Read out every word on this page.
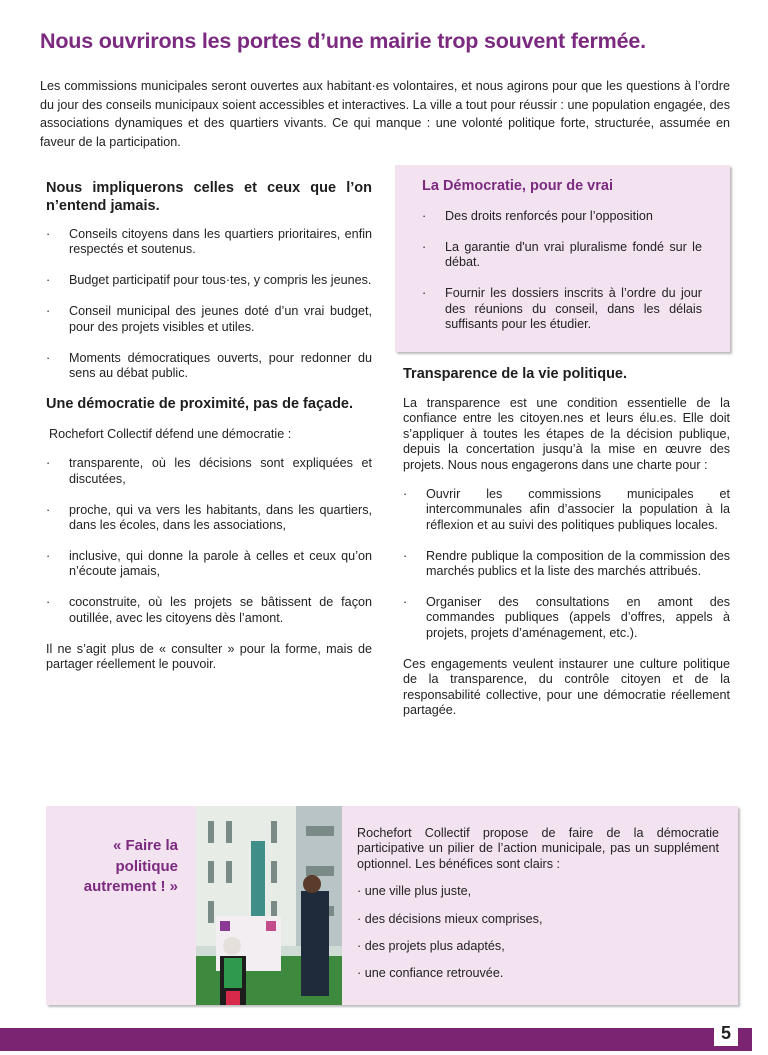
Nous ouvrirons les portes d’une mairie trop souvent fermée.

Les commissions municipales seront ouvertes aux habitant·es volontaires, et nous agirons pour que les questions à l’ordre du jour des conseils municipaux soient accessibles et interactives. La ville a tout pour réussir : une population engagée, des associations dynamiques et des quartiers vivants. Ce qui manque : une volonté politique forte, structurée, assumée en faveur de la participation.

Nous impliquerons celles et ceux que l’on n’entend jamais.
· Conseils citoyens dans les quartiers prioritaires, enfin respectés et soutenus.
· Budget participatif pour tous·tes, y compris les jeunes.
· Conseil municipal des jeunes doté d’un vrai budget, pour des projets visibles et utiles.
· Moments démocratiques ouverts, pour redonner du sens au débat public.
Une démocratie de proximité, pas de façade.

Rochefort Collectif défend une démocratie :

· transparente, où les décisions sont expliquées et discutées,
· proche, qui va vers les habitants, dans les quartiers, dans les écoles, dans les associations,
· inclusive, qui donne la parole à celles et ceux qu’on n’écoute jamais,
· coconstruite, où les projets se bâtissent de façon outillée, avec les citoyens dès l’amont.

Il ne s’agit plus de « consulter » pour la forme, mais de partager réellement le pouvoir.

La Démocratie, pour de vrai
· Des droits renforcés pour l’opposition
· La garantie d'un vrai pluralisme fondé sur le débat.
· Fournir les dossiers inscrits à l’ordre du jour des réunions du conseil, dans les délais suffisants pour les étudier.
Transparence de la vie politique.

La transparence est une condition essentielle de la confiance entre les citoyen.nes et leurs élu.es. Elle doit s’appliquer à toutes les étapes de la décision publique, depuis la concertation jusqu’à la mise en œuvre des projets. Nous nous engagerons dans une charte pour :

· Ouvrir les commissions municipales et intercommunales afin d’associer la population à la réflexion et au suivi des politiques publiques locales.
· Rendre publique la composition de la commission des marchés publics et la liste des marchés attribués.
· Organiser des consultations en amont des commandes publiques (appels d’offres, appels à projets, projets d’aménagement, etc.).

Ces engagements veulent instaurer une culture politique de la transparence, du contrôle citoyen et de la responsabilité collective, pour une démocratie réellement partagée.

« Faire la politique autrement ! »

Rochefort Collectif propose de faire de la démocratie participative un pilier de l’action municipale, pas un supplément optionnel. Les bénéfices sont clairs :

· une ville plus juste,

· des décisions mieux comprises,

· des projets plus adaptés,

· une confiance retrouvée.

5
